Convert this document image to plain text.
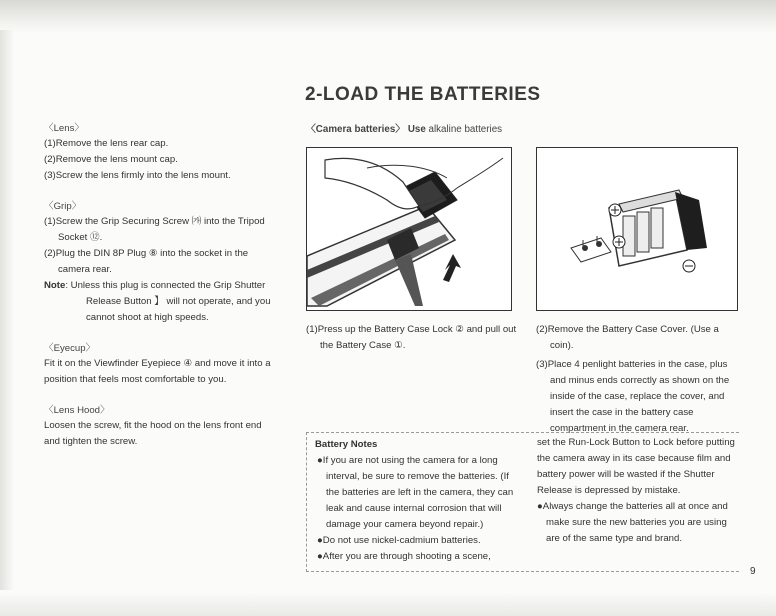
2-LOAD THE BATTERIES
〈Lens〉
(1)Remove the lens rear cap.
(2)Remove the lens mount cap.
(3)Screw the lens firmly into the lens mount.
〈Grip〉
(1)Screw the Grip Securing Screw ㈎ into the Tripod Socket ⑫.
(2)Plug the DIN 8P Plug ⑧ into the socket in the camera rear.
Note: Unless this plug is connected the Grip Shutter Release Button 】 will not operate, and you cannot shoot at high speeds.
〈Eyecup〉
Fit it on the Viewfinder Eyepiece ④ and move it into a position that feels most comfortable to you.
〈Lens Hood〉
Loosen the screw, fit the hood on the lens front end and tighten the screw.
〈Camera batteries〉 Use alkaline batteries
(1)Press up the Battery Case Lock ② and pull out the Battery Case ①.
(2)Remove the Battery Case Cover. (Use a coin).
(3)Place 4 penlight batteries in the case, plus and minus ends correctly as shown on the inside of the case, replace the cover, and insert the case in the battery case compartment in the camera rear.
Battery Notes
●If you are not using the camera for a long interval, be sure to remove the batteries. (If the batteries are left in the camera, they can leak and cause internal corrosion that will damage your camera beyond repair.)
●Do not use nickel-cadmium batteries.
●After you are through shooting a scene,
set the Run-Lock Button to Lock before putting the camera away in its case because film and battery power will be wasted if the Shutter Release is depressed by mistake.
●Always change the batteries all at once and make sure the new batteries you are using are of the same type and brand.
9
